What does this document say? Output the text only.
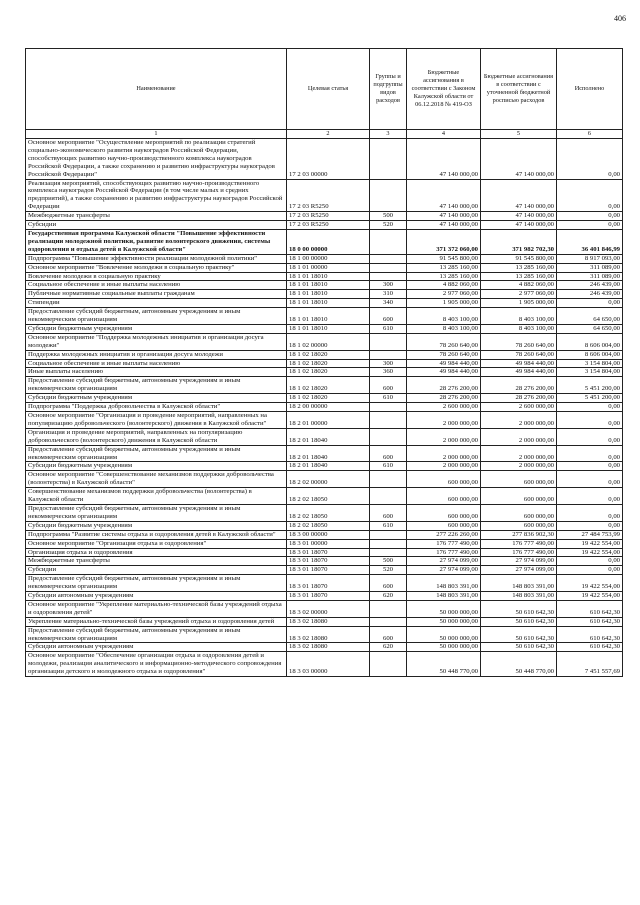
406
Наименование	Целевая статья	Группы и подгруппы видов расходов	Бюджетные ассигнования в соответствии с Законом Калужской области от 06.12.2018 № 419-ОЗ	Бюджетные ассигнования в соответствии с уточненной бюджетной росписью расходов	Исполнено
1	2	3	4	5	6
Основное мероприятие "Осуществление мероприятий по реализации стратегий социально-экономического развития наукоградов Российской Федерации, способствующих развитию научно-производственного комплекса наукоградов Российской Федерации, а также сохранению и развитию инфраструктуры наукоградов Российской Федерации"	17 2 03 00000		47 140 000,00	47 140 000,00	0,00
Реализация мероприятий, способствующих развитию научно-производственного комплекса наукоградов Российской Федерации (в том числе малых и средних предприятий), а также сохранению и развитию инфраструктуры наукоградов Российской Федерации	17 2 03 R5250		47 140 000,00	47 140 000,00	0,00
Межбюджетные трансферты	17 2 03 R5250	500	47 140 000,00	47 140 000,00	0,00
Субсидии	17 2 03 R5250	520	47 140 000,00	47 140 000,00	0,00
Государственная программа Калужской области "Повышение эффективности реализации молодежной политики, развитие волонтерского движения, системы оздоровления и отдыха детей в Калужской области"	18 0 00 00000		371 372 060,00	371 982 702,30	36 401 846,99
Подпрограмма "Повышение эффективности реализации молодежной политики"	18 1 00 00000		91 545 800,00	91 545 800,00	8 917 093,00
Основное мероприятие "Вовлечение молодежи в социальную практику"	18 1 01 00000		13 285 160,00	13 285 160,00	311 089,00
Вовлечение молодежи в социальную практику	18 1 01 18010		13 285 160,00	13 285 160,00	311 089,00
Социальное обеспечение и иные выплаты населению	18 1 01 18010	300	4 882 060,00	4 882 060,00	246 439,00
Публичные нормативные социальные выплаты гражданам	18 1 01 18010	310	2 977 060,00	2 977 060,00	246 439,00
Стипендии	18 1 01 18010	340	1 905 000,00	1 905 000,00	0,00
Предоставление субсидий бюджетным, автономным учреждениям и иным некоммерческим организациям	18 1 01 18010	600	8 403 100,00	8 403 100,00	64 650,00
Субсидии бюджетным учреждениям	18 1 01 18010	610	8 403 100,00	8 403 100,00	64 650,00
Основное мероприятие "Поддержка молодежных инициатив и организация досуга молодежи"	18 1 02 00000		78 260 640,00	78 260 640,00	8 606 004,00
Поддержка молодежных инициатив и организация досуга молодежи	18 1 02 18020		78 260 640,00	78 260 640,00	8 606 004,00
Социальное обеспечение и иные выплаты населению	18 1 02 18020	300	49 984 440,00	49 984 440,00	3 154 804,00
Иные выплаты населению	18 1 02 18020	360	49 984 440,00	49 984 440,00	3 154 804,00
Предоставление субсидий бюджетным, автономным учреждениям и иным некоммерческим организациям	18 1 02 18020	600	28 276 200,00	28 276 200,00	5 451 200,00
Субсидии бюджетным учреждениям	18 1 02 18020	610	28 276 200,00	28 276 200,00	5 451 200,00
Подпрограмма "Поддержка добровольчества в Калужской области"	18 2 00 00000		2 600 000,00	2 600 000,00	0,00
Основное мероприятие "Организация и проведение мероприятий, направленных на популяризацию добровольческого (волонтерского) движения в Калужской области"	18 2 01 00000		2 000 000,00	2 000 000,00	0,00
Организация и проведение мероприятий, направленных на популяризацию добровольческого (волонтерского) движения в Калужской области	18 2 01 18040		2 000 000,00	2 000 000,00	0,00
Предоставление субсидий бюджетным, автономным учреждениям и иным некоммерческим организациям	18 2 01 18040	600	2 000 000,00	2 000 000,00	0,00
Субсидии бюджетным учреждениям	18 2 01 18040	610	2 000 000,00	2 000 000,00	0,00
Основное мероприятие "Совершенствование механизмов поддержки добровольчества (волонтерства) в Калужской области"	18 2 02 00000		600 000,00	600 000,00	0,00
Совершенствование механизмов поддержки добровольчества (волонтерства) в Калужской области	18 2 02 18050		600 000,00	600 000,00	0,00
Предоставление субсидий бюджетным, автономным учреждениям и иным некоммерческим организациям	18 2 02 18050	600	600 000,00	600 000,00	0,00
Субсидии бюджетным учреждениям	18 2 02 18050	610	600 000,00	600 000,00	0,00
Подпрограмма "Развитие системы отдыха и оздоровления детей в Калужской области"	18 3 00 00000		277 226 260,00	277 836 902,30	27 484 753,99
Основное мероприятие "Организация отдыха и оздоровления"	18 3 01 00000		176 777 490,00	176 777 490,00	19 422 554,00
Организация отдыха и оздоровления	18 3 01 18070		176 777 490,00	176 777 490,00	19 422 554,00
Межбюджетные трансферты	18 3 01 18070	500	27 974 099,00	27 974 099,00	0,00
Субсидии	18 3 01 18070	520	27 974 099,00	27 974 099,00	0,00
Предоставление субсидий бюджетным, автономным учреждениям и иным некоммерческим организациям	18 3 01 18070	600	148 803 391,00	148 803 391,00	19 422 554,00
Субсидии автономным учреждениям	18 3 01 18070	620	148 803 391,00	148 803 391,00	19 422 554,00
Основное мероприятие "Укрепление материально-технической базы учреждений отдыха и оздоровления детей"	18 3 02 00000		50 000 000,00	50 610 642,30	610 642,30
Укрепление материально-технической базы учреждений отдыха и оздоровления детей	18 3 02 18080		50 000 000,00	50 610 642,30	610 642,30
Предоставление субсидий бюджетным, автономным учреждениям и иным некоммерческим организациям	18 3 02 18080	600	50 000 000,00	50 610 642,30	610 642,30
Субсидии автономным учреждениям	18 3 02 18080	620	50 000 000,00	50 610 642,30	610 642,30
Основное мероприятие "Обеспечение организации отдыха и оздоровления детей и молодежи, реализация аналитического и информационно-методического сопровождения организации детского и молодежного отдыха и оздоровления"	18 3 03 00000		50 448 770,00	50 448 770,00	7 451 557,69
